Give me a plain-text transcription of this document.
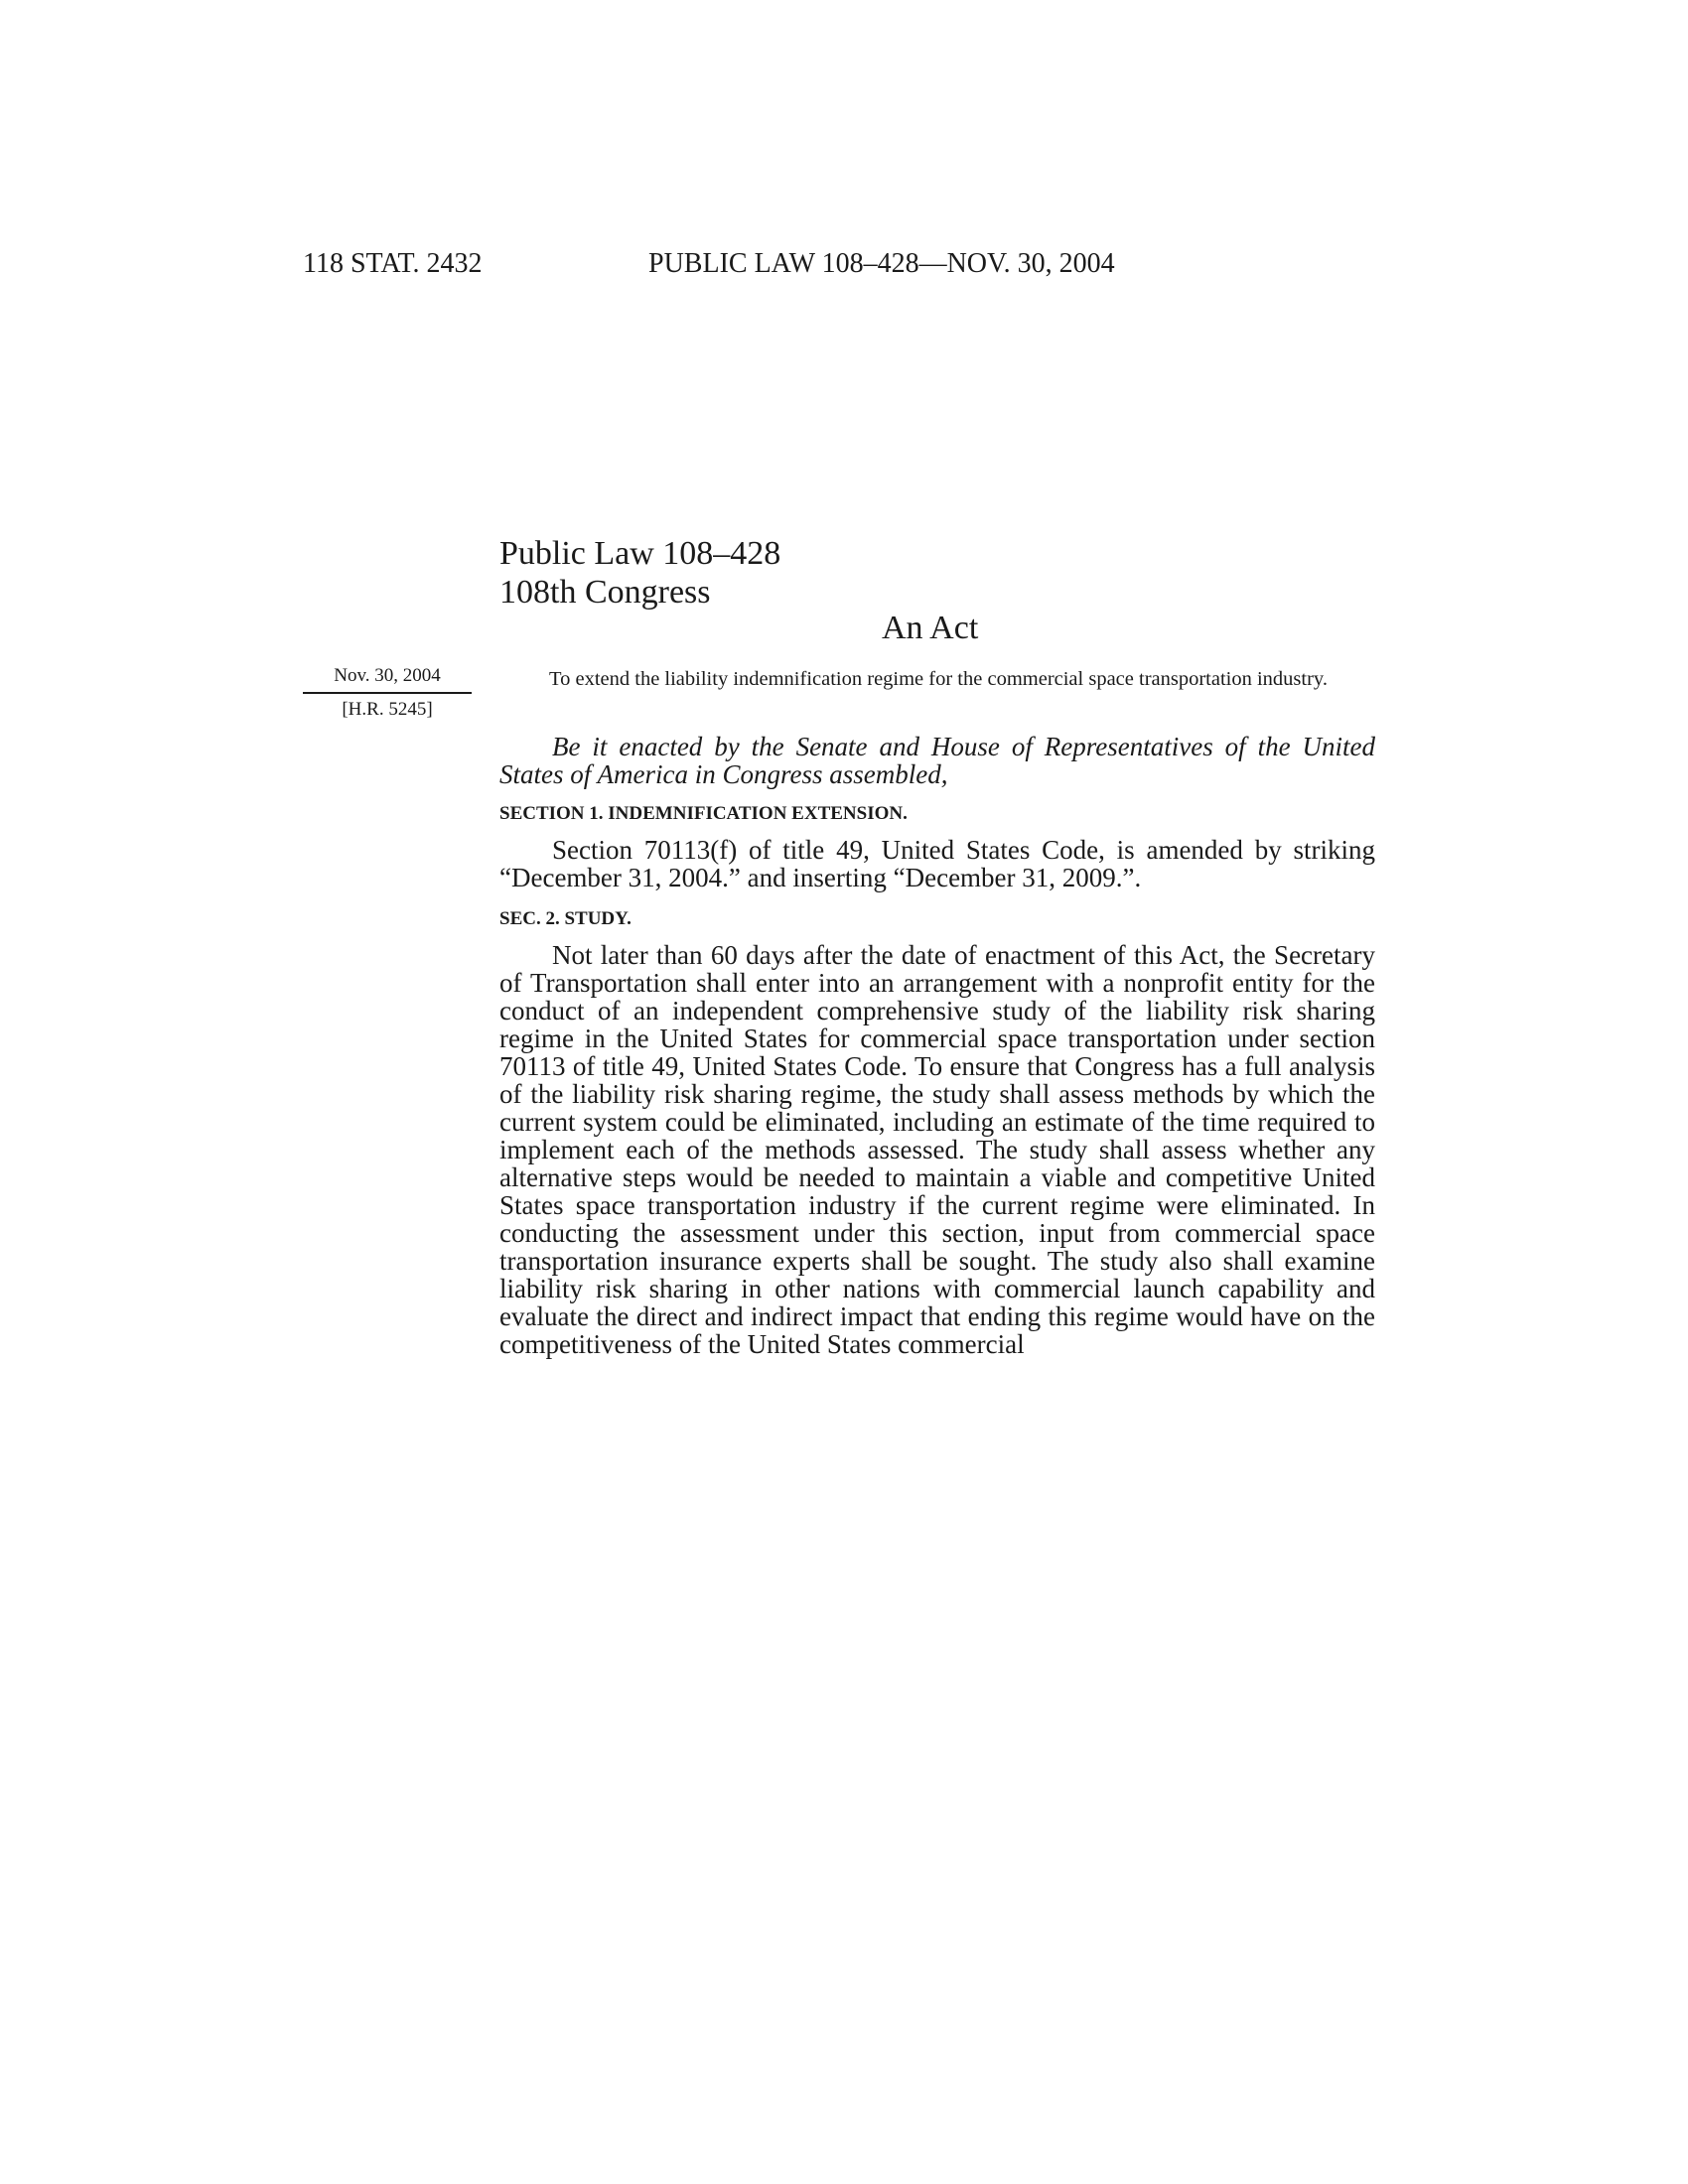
118 STAT. 2432	PUBLIC LAW 108–428—NOV. 30, 2004
Public Law 108–428
108th Congress
An Act
Nov. 30, 2004
[H.R. 5245]
To extend the liability indemnification regime for the commercial space transportation industry.

Be it enacted by the Senate and House of Representatives of the United States of America in Congress assembled,

SECTION 1. INDEMNIFICATION EXTENSION.

Section 70113(f) of title 49, United States Code, is amended by striking “December 31, 2004.” and inserting “December 31, 2009.”.

SEC. 2. STUDY.

Not later than 60 days after the date of enactment of this Act, the Secretary of Transportation shall enter into an arrangement with a nonprofit entity for the conduct of an independent comprehensive study of the liability risk sharing regime in the United States for commercial space transportation under section 70113 of title 49, United States Code. To ensure that Congress has a full analysis of the liability risk sharing regime, the study shall assess methods by which the current system could be eliminated, including an estimate of the time required to implement each of the methods assessed. The study shall assess whether any alternative steps would be needed to maintain a viable and competitive United States space transportation industry if the current regime were eliminated. In conducting the assessment under this section, input from commercial space transportation insurance experts shall be sought. The study also shall examine liability risk sharing in other nations with commercial launch capability and evaluate the direct and indirect impact that ending this regime would have on the competitiveness of the United States commercial
